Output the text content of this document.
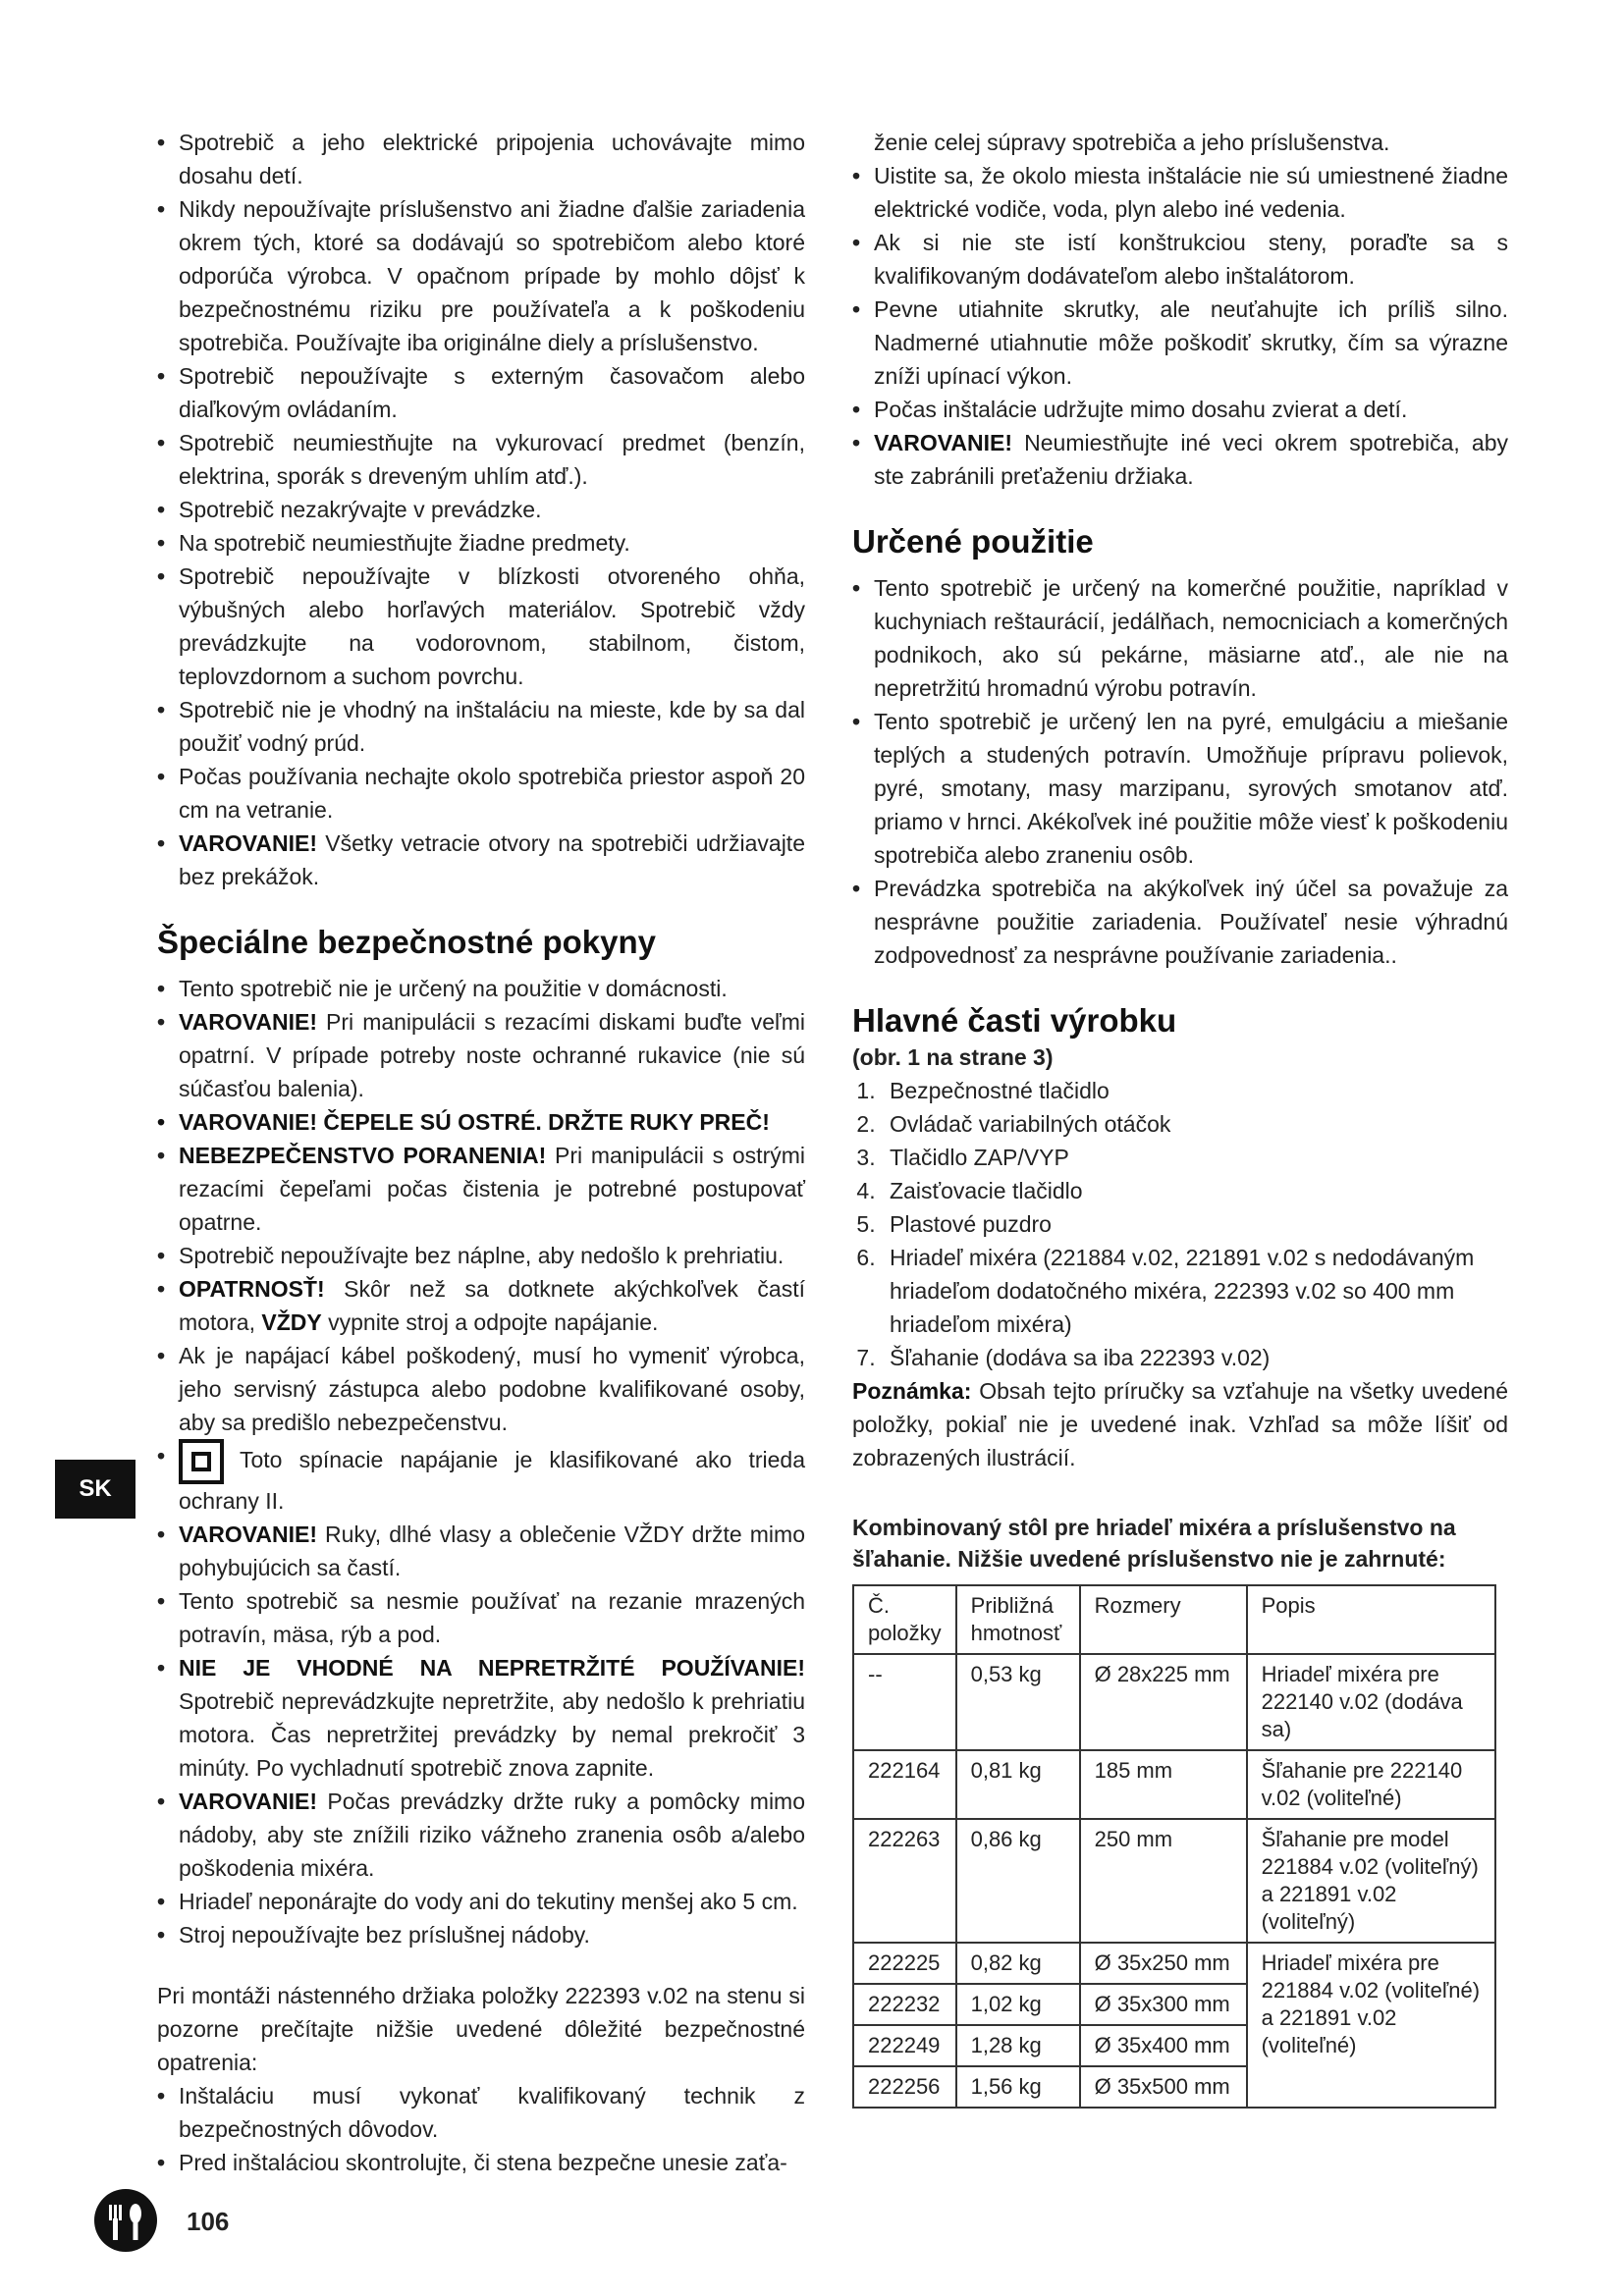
• Spotrebič a jeho elektrické pripojenia uchovávajte mimo dosahu detí.
• Nikdy nepoužívajte príslušenstvo ani žiadne ďalšie zariadenia okrem tých, ktoré sa dodávajú so spotrebičom alebo ktoré odporúča výrobca. V opačnom prípade by mohlo dôjsť k bezpečnostnému riziku pre používateľa a k poškodeniu spotrebiča. Používajte iba originálne diely a príslušenstvo.
• Spotrebič nepoužívajte s externým časovačom alebo diaľkovým ovládaním.
• Spotrebič neumiestňujte na vykurovací predmet (benzín, elektrina, sporák s dreveným uhlím atď.).
• Spotrebič nezakrývajte v prevádzke.
• Na spotrebič neumiestňujte žiadne predmety.
• Spotrebič nepoužívajte v blízkosti otvoreného ohňa, výbušných alebo horľavých materiálov. Spotrebič vždy prevádzkujte na vodorovnom, stabilnom, čistom, teplovzdornom a suchom povrchu.
• Spotrebič nie je vhodný na inštaláciu na mieste, kde by sa dal použiť vodný prúd.
• Počas používania nechajte okolo spotrebiča priestor aspoň 20 cm na vetranie.
• VAROVANIE! Všetky vetracie otvory na spotrebiči udržiavajte bez prekážok.
Špeciálne bezpečnostné pokyny
• Tento spotrebič nie je určený na použitie v domácnosti.
• VAROVANIE! Pri manipulácii s rezacími diskami buďte veľmi opatrní. V prípade potreby noste ochranné rukavice (nie sú súčasťou balenia).
• VAROVANIE! ČEPELE SÚ OSTRÉ. DRŽTE RUKY PREČ!
• NEBEZPEČENSTVO PORANENIA! Pri manipulácii s ostrými rezacími čepeľami počas čistenia je potrebné postupovať opatrne.
• Spotrebič nepoužívajte bez náplne, aby nedošlo k prehriatiu.
• OPATRNOSŤ! Skôr než sa dotknete akýchkoľvek častí motora, VŽDY vypnite stroj a odpojte napájanie.
• Ak je napájací kábel poškodený, musí ho vymeniť výrobca, jeho servisný zástupca alebo podobne kvalifikované osoby, aby sa predišlo nebezpečenstvu.
• Toto spínacie napájanie je klasifikované ako trieda ochrany II.
• VAROVANIE! Ruky, dlhé vlasy a oblečenie VŽDY držte mimo pohybujúcich sa častí.
• Tento spotrebič sa nesmie používať na rezanie mrazených potravín, mäsa, rýb a pod.
• NIE JE VHODNÉ NA NEPRETRŽITÉ POUŽÍVANIE! Spotrebič neprevádzkujte nepretržite, aby nedošlo k prehriatiu motora. Čas nepretržitej prevádzky by nemal prekročiť 3 minúty. Po vychladnutí spotrebič znova zapnite.
• VAROVANIE! Počas prevádzky držte ruky a pomôcky mimo nádoby, aby ste znížili riziko vážneho zranenia osôb a/alebo poškodenia mixéra.
• Hriadeľ neponárajte do vody ani do tekutiny menšej ako 5 cm.
• Stroj nepoužívajte bez príslušnej nádoby.
Pri montáži nástenného držiaka položky 222393 v.02 na stenu si pozorne prečítajte nižšie uvedené dôležité bezpečnostné opatrenia:
• Inštaláciu musí vykonať kvalifikovaný technik z bezpečnostných dôvodov.
• Pred inštaláciou skontrolujte, či stena bezpečne unesie zaťa-
ženie celej súpravy spotrebiča a jeho príslušenstva.
• Uistite sa, že okolo miesta inštalácie nie sú umiestnené žiadne elektrické vodiče, voda, plyn alebo iné vedenia.
• Ak si nie ste istí konštrukciou steny, poraďte sa s kvalifikovaným dodávateľom alebo inštalátorom.
• Pevne utiahnite skrutky, ale neuťahujte ich príliš silno. Nadmerné utiahnutie môže poškodiť skrutky, čím sa výrazne zníži upínací výkon.
• Počas inštalácie udržujte mimo dosahu zvierat a detí.
• VAROVANIE! Neumiestňujte iné veci okrem spotrebiča, aby ste zabránili preťaženiu držiaka.
Určené použitie
• Tento spotrebič je určený na komerčné použitie, napríklad v kuchyniach reštaurácií, jedálňach, nemocniciach a komerčných podnikoch, ako sú pekárne, mäsiarne atď., ale nie na nepretržitú hromadnú výrobu potravín.
• Tento spotrebič je určený len na pyré, emulgáciu a miešanie teplých a studených potravín. Umožňuje prípravu polievok, pyré, smotany, masy marzipanu, syrových smotanov atď. priamo v hrnci. Akékoľvek iné použitie môže viesť k poškodeniu spotrebiča alebo zraneniu osôb.
• Prevádzka spotrebiča na akýkoľvek iný účel sa považuje za nesprávne použitie zariadenia. Používateľ nesie výhradnú zodpovednosť za nesprávne používanie zariadenia..
Hlavné časti výrobku

(obr. 1 na strane 3)

1. Bezpečnostné tlačidlo
2. Ovládač variabilných otáčok
3. Tlačidlo ZAP/VYP
4. Zaisťovacie tlačidlo
5. Plastové puzdro
6. Hriadeľ mixéra (221884 v.02, 221891 v.02 s nedodávaným hriadeľom dodatočného mixéra, 222393 v.02 so 400 mm hriadeľom mixéra)
7. Šľahanie (dodáva sa iba 222393 v.02)
Poznámka: Obsah tejto príručky sa vzťahuje na všetky uvedené položky, pokiaľ nie je uvedené inak. Vzhľad sa môže líšiť od zobrazených ilustrácií.
Kombinovaný stôl pre hriadeľ mixéra a príslušenstvo na šľahanie. Nižšie uvedené príslušenstvo nie je zahrnuté:
Č. položky	Približná hmotnosť	Rozmery	Popis
--	0,53 kg	Ø 28x225 mm	Hriadeľ mixéra pre 222140 v.02 (dodáva sa)
222164	0,81 kg	185 mm	Šľahanie pre 222140 v.02 (voliteľné)
222263	0,86 kg	250 mm	Šľahanie pre model 221884 v.02 (voliteľný) a 221891 v.02 (voliteľný)
222225	0,82 kg	Ø 35x250 mm	Hriadeľ mixéra pre 221884 v.02 (voliteľné) a 221891 v.02 (voliteľné)
222232	1,02 kg	Ø 35x300 mm	
222249	1,28 kg	Ø 35x400 mm	
222256	1,56 kg	Ø 35x500 mm	
SK
106
